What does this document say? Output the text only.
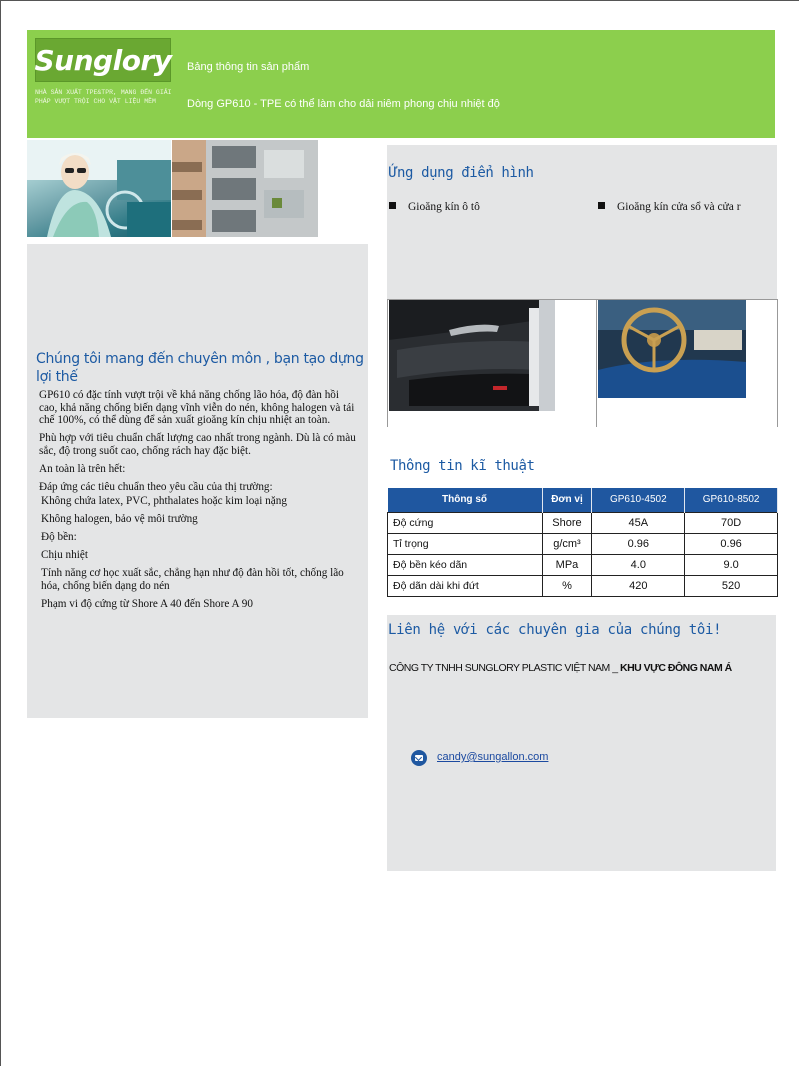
Sunglory
NHÀ SẢN XUẤT TPE&TPR, MANG ĐẾN GIẢI PHÁP VƯỢT TRỘI CHO VẬT LIỆU MỀM
Bảng thông tin sản phẩm
Dòng GP610 - TPE có thể làm cho dải niêm phong chịu nhiệt độ
Chúng tôi mang đến chuyên môn , bạn tạo dựng lợi thế

GP610 có đặc tính vượt trội về khả năng chống lão hóa, độ đàn hồi cao, khả năng chống biến dạng vĩnh viễn do nén, không halogen và tái chế 100%, có thể dùng để sản xuất gioăng kín chịu nhiệt an toàn.

Phù hợp với tiêu chuẩn chất lượng cao nhất trong ngành. Dù là có màu sắc, độ trong suốt cao, chống rách hay đặc biệt.

An toàn là trên hết:

Đáp ứng các tiêu chuẩn theo yêu cầu của thị trường:

Không chứa latex, PVC, phthalates hoặc kim loại nặng

Không halogen, bảo vệ môi trường

Độ bền:

Chịu nhiệt

Tính năng cơ học xuất sắc, chẳng hạn như độ đàn hồi tốt, chống lão hóa, chống biến dạng do nén

Phạm vi độ cứng từ Shore A 40 đến Shore A 90

Ứng dụng điển hình
Gioăng kín ô tô	Gioăng kín cửa sổ và cửa r
Thông tin kĩ thuật
Thông số	Đơn vị	GP610-4502	GP610-8502
Độ cứng	Shore	45A	70D
Tỉ trọng	g/cm³	0.96	0.96
Độ bền kéo dãn	MPa	4.0	9.0
Độ dãn dài khi đứt	%	420	520
Liên hệ với các chuyên gia của chúng tôi!
CÔNG TY TNHH SUNGLORY PLASTIC VIỆT NAM _ KHU VỰC ĐÔNG NAM Á
candy@sungallon.com
